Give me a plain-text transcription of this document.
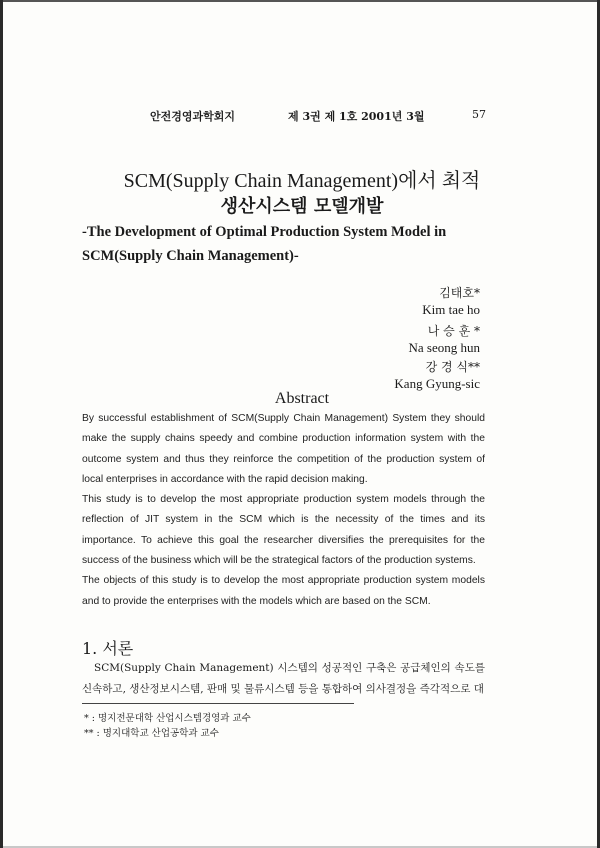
안전경영과학회지	제 3권 제 1호 2001년 3월	57
SCM(Supply Chain Management)에서 최적
생산시스템 모델개발
-The Development of Optimal Production System Model in SCM(Supply Chain Management)-
김태호*
Kim tae ho
나 승 훈 *
Na seong hun
강 경 식**
Kang Gyung-sic
Abstract

By successful establishment of SCM(Supply Chain Management) System they should make the supply chains speedy and combine production information system with the outcome system and thus they reinforce the competition of the production system of local enterprises in accordance with the rapid decision making.

This study is to develop the most appropriate production system models through the reflection of JIT system in the SCM which is the necessity of the times and its importance. To achieve this goal the researcher diversifies the prerequisites for the success of the business which will be the strategical factors of the production systems.

The objects of this study is to develop the most appropriate production system models and to provide the enterprises with the models which are based on the SCM.

1. 서론
SCM(Supply Chain Management) 시스템의 성공적인 구축은 공급체인의 속도를 신속하고, 생산정보시스템, 판매 및 물류시스템 등을 통합하여 의사결정을 즉각적으로 대
* : 명지전문대학 산업시스템경영과 교수
** : 명지대학교 산업공학과 교수
